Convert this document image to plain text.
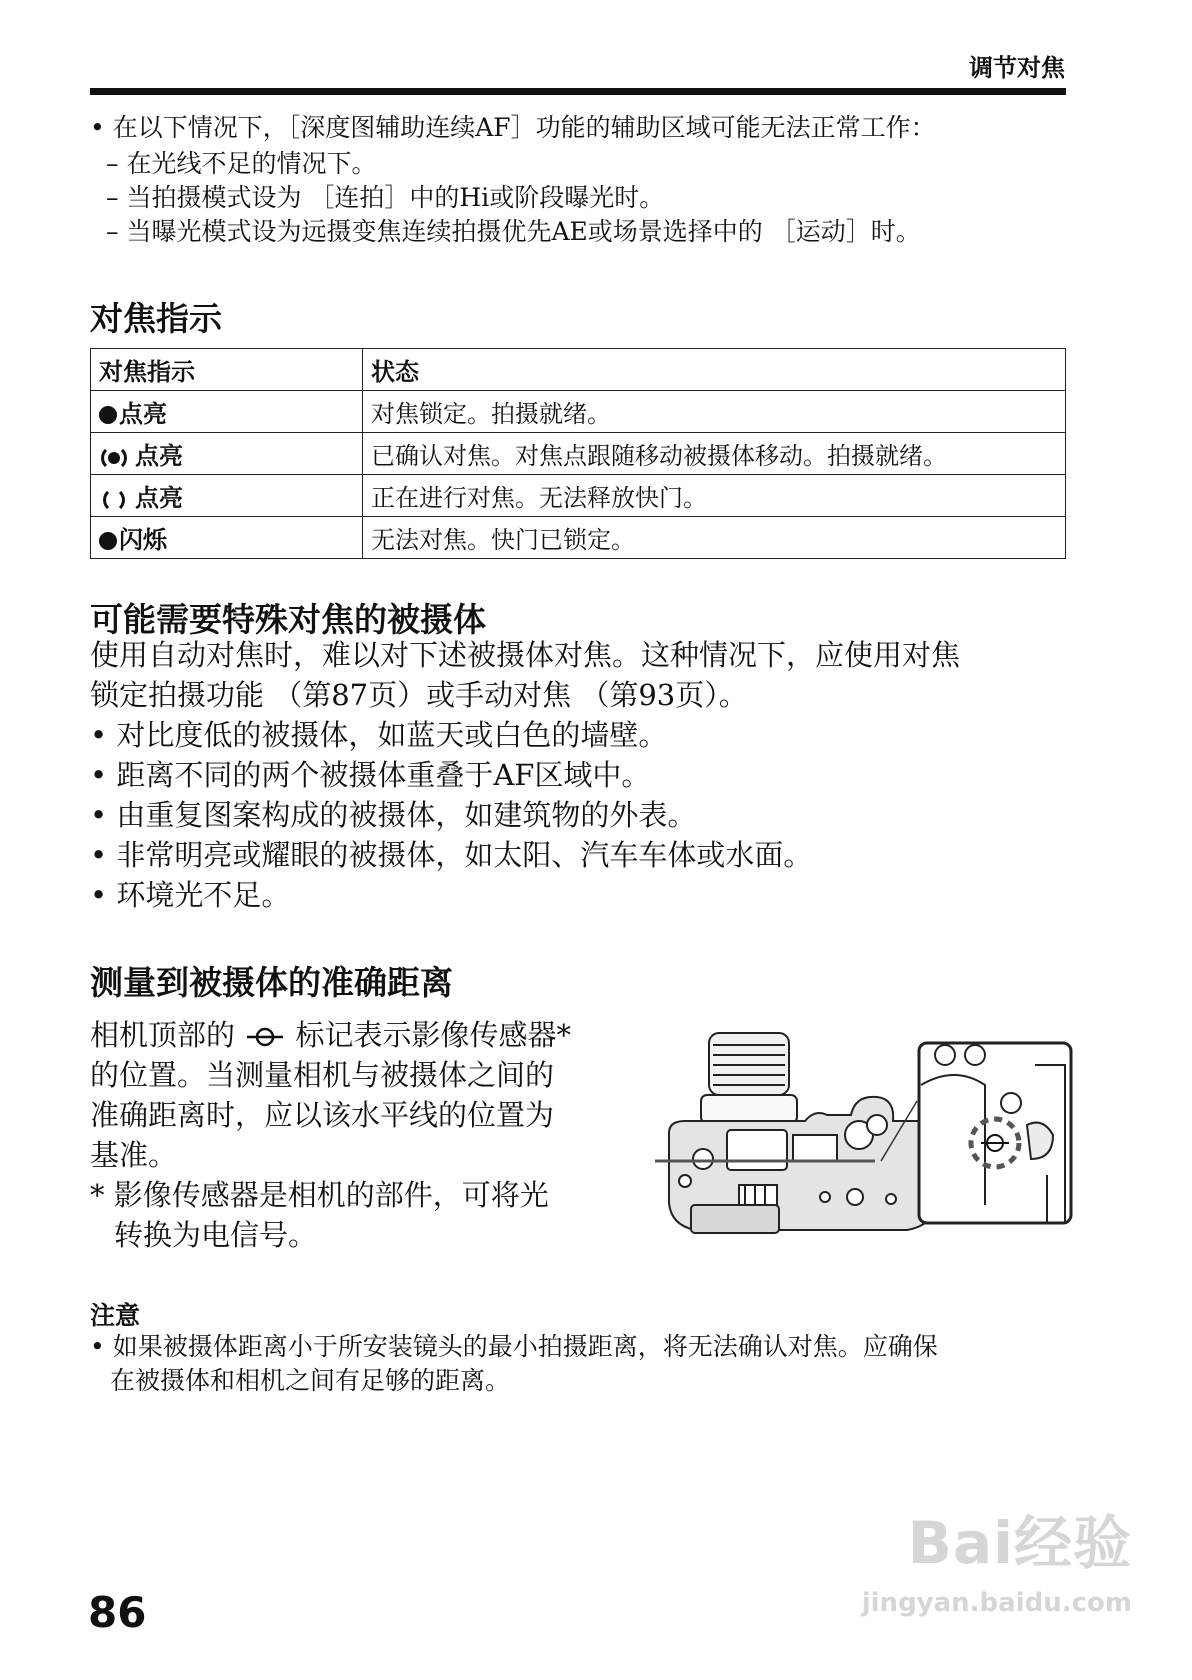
调节对焦
• 在以下情况下，［深度图辅助连续AF］功能的辅助区域可能无法正常工作：
– 在光线不足的情况下。
– 当拍摄模式设为 ［连拍］中的Hi或阶段曝光时。
– 当曝光模式设为远摄变焦连续拍摄优先AE或场景选择中的 ［运动］时。
对焦指示
对焦指示	状态
点亮	对焦锁定。拍摄就绪。
点亮	已确认对焦。对焦点跟随移动被摄体移动。拍摄就绪。
点亮	正在进行对焦。无法释放快门。
闪烁	无法对焦。快门已锁定。
可能需要特殊对焦的被摄体
使用自动对焦时，难以对下述被摄体对焦。这种情况下，应使用对焦
锁定拍摄功能 （第87页）或手动对焦 （第93页）。
• 对比度低的被摄体，如蓝天或白色的墙壁。
• 距离不同的两个被摄体重叠于AF区域中。
• 由重复图案构成的被摄体，如建筑物的外表。
• 非常明亮或耀眼的被摄体，如太阳、汽车车体或水面。
• 环境光不足。
测量到被摄体的准确距离
相机顶部的 标记表示影像传感器*
的位置。当测量相机与被摄体之间的
准确距离时，应以该水平线的位置为
基准。
* 影像传感器是相机的部件，可将光
转换为电信号。
注意
• 如果被摄体距离小于所安装镜头的最小拍摄距离，将无法确认对焦。应确保
在被摄体和相机之间有足够的距离。
86
Bai经验
jingyan.baidu.com
